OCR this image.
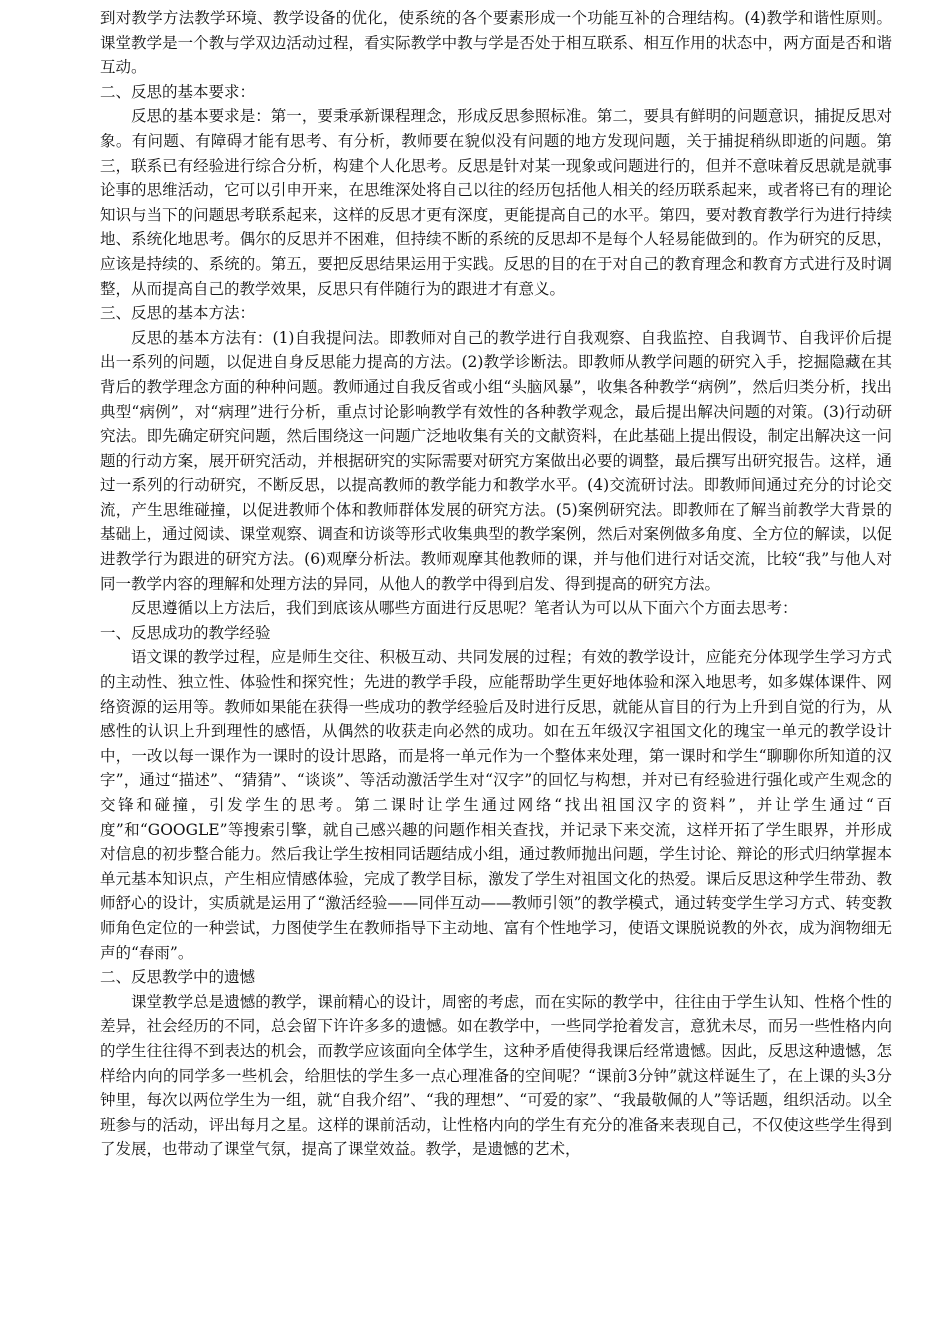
到对教学方法教学环境、教学设备的优化，使系统的各个要素形成一个功能互补的合理结构。(4)教学和谐性原则。课堂教学是一个教与学双边活动过程，看实际教学中教与学是否处于相互联系、相互作用的状态中，两方面是否和谐互动。

二、反思的基本要求：

反思的基本要求是：第一，要秉承新课程理念，形成反思参照标准。第二，要具有鲜明的问题意识，捕捉反思对象。有问题、有障碍才能有思考、有分析，教师要在貌似没有问题的地方发现问题，关于捕捉稍纵即逝的问题。第三，联系已有经验进行综合分析，构建个人化思考。反思是针对某一现象或问题进行的，但并不意味着反思就是就事论事的思维活动，它可以引申开来，在思维深处将自己以往的经历包括他人相关的经历联系起来，或者将已有的理论知识与当下的问题思考联系起来，这样的反思才更有深度，更能提高自己的水平。第四，要对教育教学行为进行持续地、系统化地思考。偶尔的反思并不困难，但持续不断的系统的反思却不是每个人轻易能做到的。作为研究的反思，应该是持续的、系统的。第五，要把反思结果运用于实践。反思的目的在于对自己的教育理念和教育方式进行及时调整，从而提高自己的教学效果，反思只有伴随行为的跟进才有意义。

三、反思的基本方法：

反思的基本方法有：(1)自我提问法。即教师对自己的教学进行自我观察、自我监控、自我调节、自我评价后提出一系列的问题，以促进自身反思能力提高的方法。(2)教学诊断法。即教师从教学问题的研究入手，挖掘隐藏在其背后的教学理念方面的种种问题。教师通过自我反省或小组“头脑风暴”，收集各种教学“病例”，然后归类分析，找出典型“病例”，对“病理”进行分析，重点讨论影响教学有效性的各种教学观念，最后提出解决问题的对策。(3)行动研究法。即先确定研究问题，然后围绕这一问题广泛地收集有关的文献资料，在此基础上提出假设，制定出解决这一问题的行动方案，展开研究活动，并根据研究的实际需要对研究方案做出必要的调整，最后撰写出研究报告。这样，通过一系列的行动研究，不断反思，以提高教师的教学能力和教学水平。(4)交流研讨法。即教师间通过充分的讨论交流，产生思维碰撞，以促进教师个体和教师群体发展的研究方法。(5)案例研究法。即教师在了解当前教学大背景的基础上，通过阅读、课堂观察、调查和访谈等形式收集典型的教学案例，然后对案例做多角度、全方位的解读，以促进教学行为跟进的研究方法。(6)观摩分析法。教师观摩其他教师的课，并与他们进行对话交流，比较“我”与他人对同一教学内容的理解和处理方法的异同，从他人的教学中得到启发、得到提高的研究方法。

反思遵循以上方法后，我们到底该从哪些方面进行反思呢？笔者认为可以从下面六个方面去思考：

一、反思成功的教学经验

语文课的教学过程，应是师生交往、积极互动、共同发展的过程；有效的教学设计，应能充分体现学生学习方式的主动性、独立性、体验性和探究性；先进的教学手段，应能帮助学生更好地体验和深入地思考，如多媒体课件、网络资源的运用等。教师如果能在获得一些成功的教学经验后及时进行反思，就能从盲目的行为上升到自觉的行为，从感性的认识上升到理性的感悟，从偶然的收获走向必然的成功。如在五年级汉字祖国文化的瑰宝一单元的教学设计中，一改以每一课作为一课时的设计思路，而是将一单元作为一个整体来处理，第一课时和学生“聊聊你所知道的汉字”，通过“描述”、“猜猜”、“谈谈”、等活动激活学生对“汉字”的回忆与构想，并对已有经验进行强化或产生观念的交锋和碰撞，引发学生的思考。第二课时让学生通过网络“找出祖国汉字的资料”，并让学生通过“百度”和“GOOGLE”等搜索引擎，就自己感兴趣的问题作相关查找，并记录下来交流，这样开拓了学生眼界，并形成对信息的初步整合能力。然后我让学生按相同话题结成小组，通过教师抛出问题，学生讨论、辩论的形式归纳掌握本单元基本知识点，产生相应情感体验，完成了教学目标，激发了学生对祖国文化的热爱。课后反思这种学生带劲、教师舒心的设计，实质就是运用了“激活经验——同伴互动——教师引领”的教学模式，通过转变学生学习方式、转变教师角色定位的一种尝试，力图使学生在教师指导下主动地、富有个性地学习，使语文课脱说教的外衣，成为润物细无声的“春雨”。

二、反思教学中的遗憾

课堂教学总是遗憾的教学，课前精心的设计，周密的考虑，而在实际的教学中，往往由于学生认知、性格个性的差异，社会经历的不同，总会留下许许多多的遗憾。如在教学中，一些同学抢着发言，意犹未尽，而另一些性格内向的学生往往得不到表达的机会，而教学应该面向全体学生，这种矛盾使得我课后经常遗憾。因此，反思这种遗憾，怎样给内向的同学多一些机会，给胆怯的学生多一点心理准备的空间呢？“课前3分钟”就这样诞生了，在上课的头3分钟里，每次以两位学生为一组，就“自我介绍”、“我的理想”、“可爱的家”、“我最敬佩的人”等话题，组织活动。以全班参与的活动，评出每月之星。这样的课前活动，让性格内向的学生有充分的准备来表现自己，不仅使这些学生得到了发展，也带动了课堂气氛，提高了课堂效益。教学，是遗憾的艺术，
